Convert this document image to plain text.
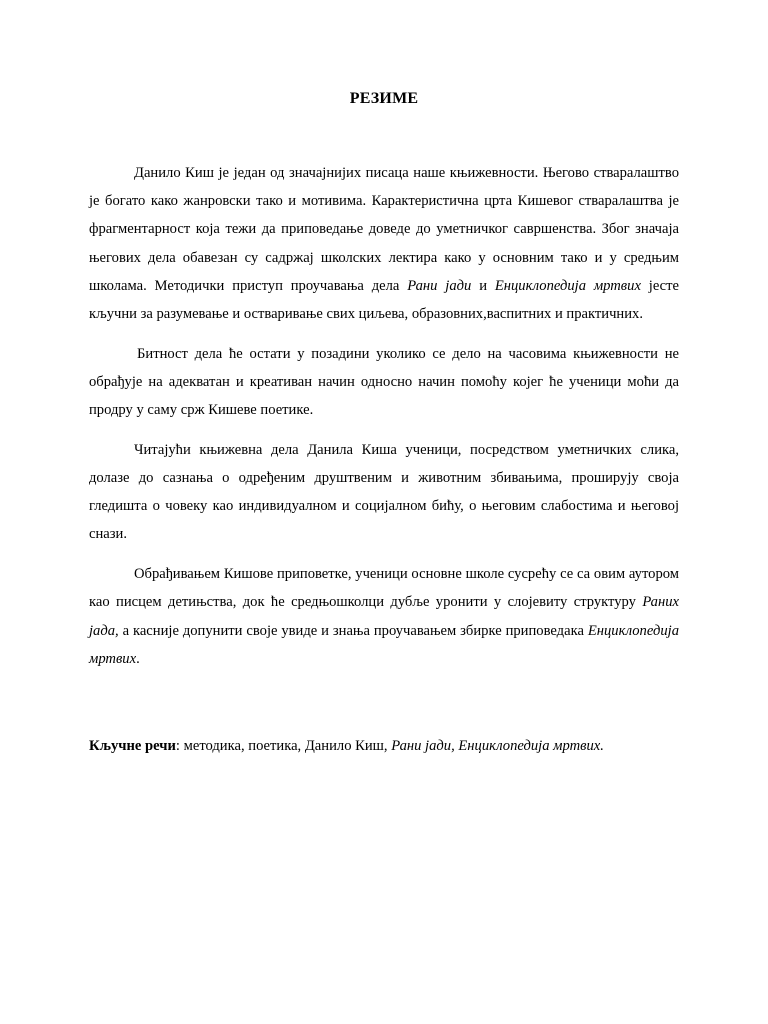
РЕЗИМЕ

Данило Киш је један од значајнијих писаца наше књижевности. Његово стваралаштво је богато како жанровски тако и мотивима. Карактеристична црта Кишевог стваралаштва је фрагментарност која тежи да приповедање доведе до уметничког савршенства. Због значаја његових дела обавезан су садржај школских лектира како у основним тако и у средњим школама. Методички приступ проучавања дела Рани јади и Енциклопедија мртвих јесте кључни за разумевање и остваривање свих циљева, образовних,васпитних и практичних.

Битност дела ће остати у позадини уколико се дело на часовима књижевности не обрађује на адекватан и креативан начин односно начин помоћу којег ће ученици моћи да продру у саму срж Кишеве поетике.

Читајући књижевна дела Данила Киша ученици, посредством уметничких слика, долазе до сазнања о одређеним друштвеним и животним збивањима, проширују своја гледишта о човеку као индивидуалном и социјалном бићу, о његовим слабостима и његовој снази.

Обрађивањем Кишове приповетке, ученици основне школе сусрећу се са овим аутором као писцем детињства, док ће средњошколци дубље уронити у слојевиту структуру Раних јада, а касније допунити своје увиде и знања проучавањем збирке приповедака Енциклопедија мртвих.

Кључне речи: методика, поетика, Данило Киш, Рани јади, Енциклопедија мртвих.
